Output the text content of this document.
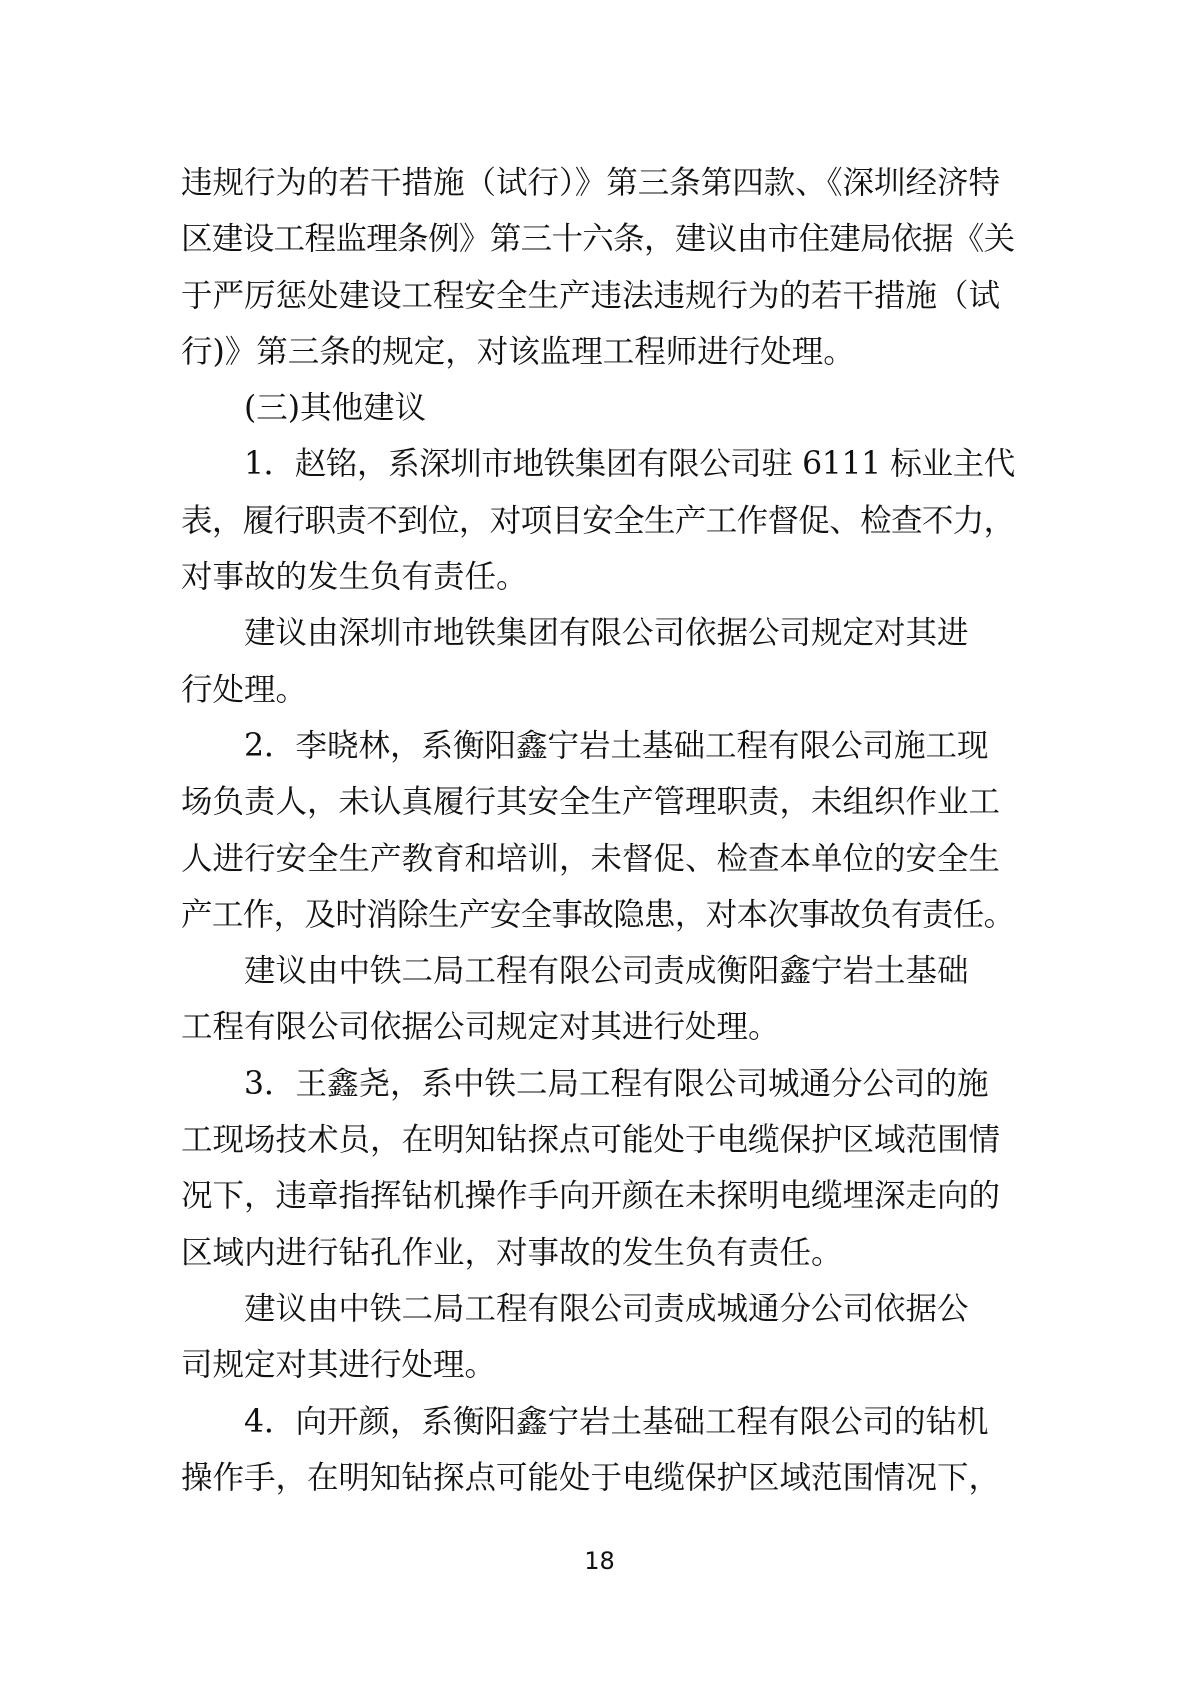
违规行为的若干措施（试行）》第三条第四款、《深圳经济特
区建设工程监理条例》第三十六条，建议由市住建局依据《关
于严厉惩处建设工程安全生产违法违规行为的若干措施（试
行)》第三条的规定，对该监理工程师进行处理。
(三)其他建议
1．赵铭，系深圳市地铁集团有限公司驻 6111 标业主代
表，履行职责不到位，对项目安全生产工作督促、检查不力，
对事故的发生负有责任。
建议由深圳市地铁集团有限公司依据公司规定对其进
行处理。
2．李晓林，系衡阳鑫宁岩土基础工程有限公司施工现
场负责人，未认真履行其安全生产管理职责，未组织作业工
人进行安全生产教育和培训，未督促、检查本单位的安全生
产工作，及时消除生产安全事故隐患，对本次事故负有责任。
建议由中铁二局工程有限公司责成衡阳鑫宁岩土基础
工程有限公司依据公司规定对其进行处理。
3．王鑫尧，系中铁二局工程有限公司城通分公司的施
工现场技术员，在明知钻探点可能处于电缆保护区域范围情
况下，违章指挥钻机操作手向开颜在未探明电缆埋深走向的
区域内进行钻孔作业，对事故的发生负有责任。
建议由中铁二局工程有限公司责成城通分公司依据公
司规定对其进行处理。
4．向开颜，系衡阳鑫宁岩土基础工程有限公司的钻机
操作手，在明知钻探点可能处于电缆保护区域范围情况下，
18
